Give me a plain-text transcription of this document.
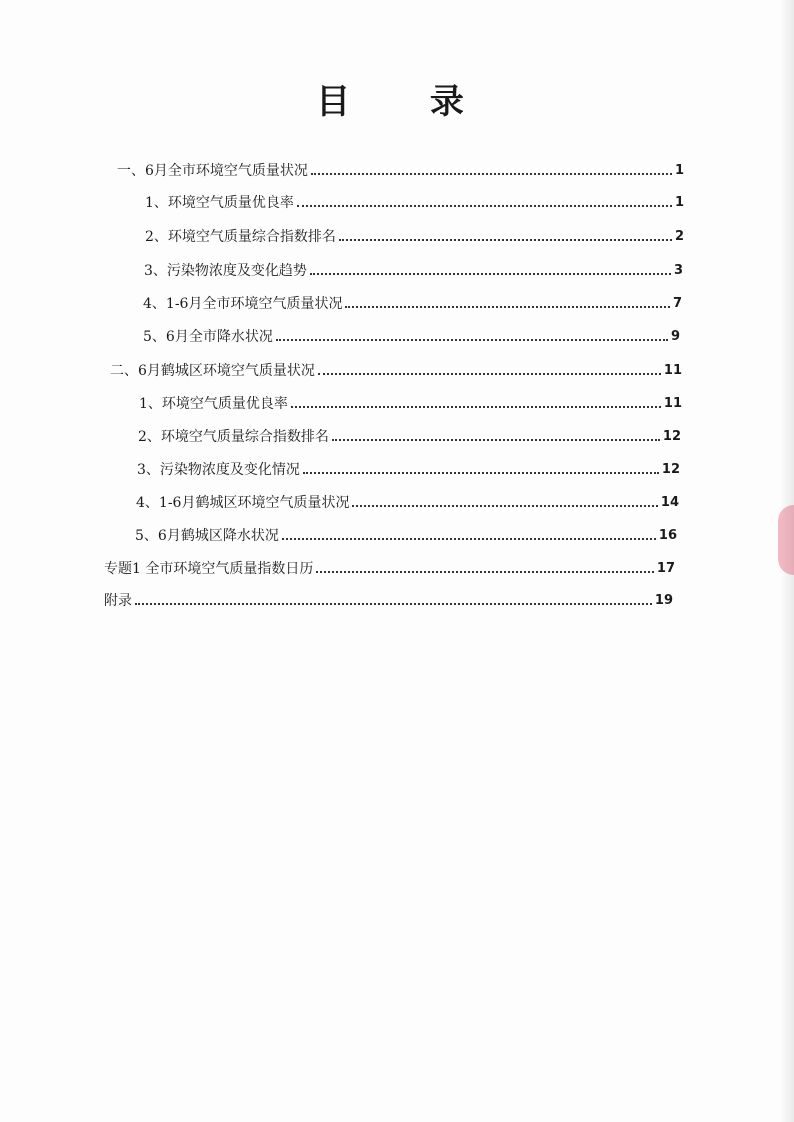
目 录
一、6月全市环境空气质量状况	1
1、环境空气质量优良率	1
2、环境空气质量综合指数排名	2
3、污染物浓度及变化趋势	3
4、1-6月全市环境空气质量状况	7
5、6月全市降水状况	9
二、6月鹤城区环境空气质量状况	11
1、环境空气质量优良率	11
2、环境空气质量综合指数排名	12
3、污染物浓度及变化情况	12
4、1-6月鹤城区环境空气质量状况	14
5、6月鹤城区降水状况	16
专题1 全市环境空气质量指数日历	17
附录	19
